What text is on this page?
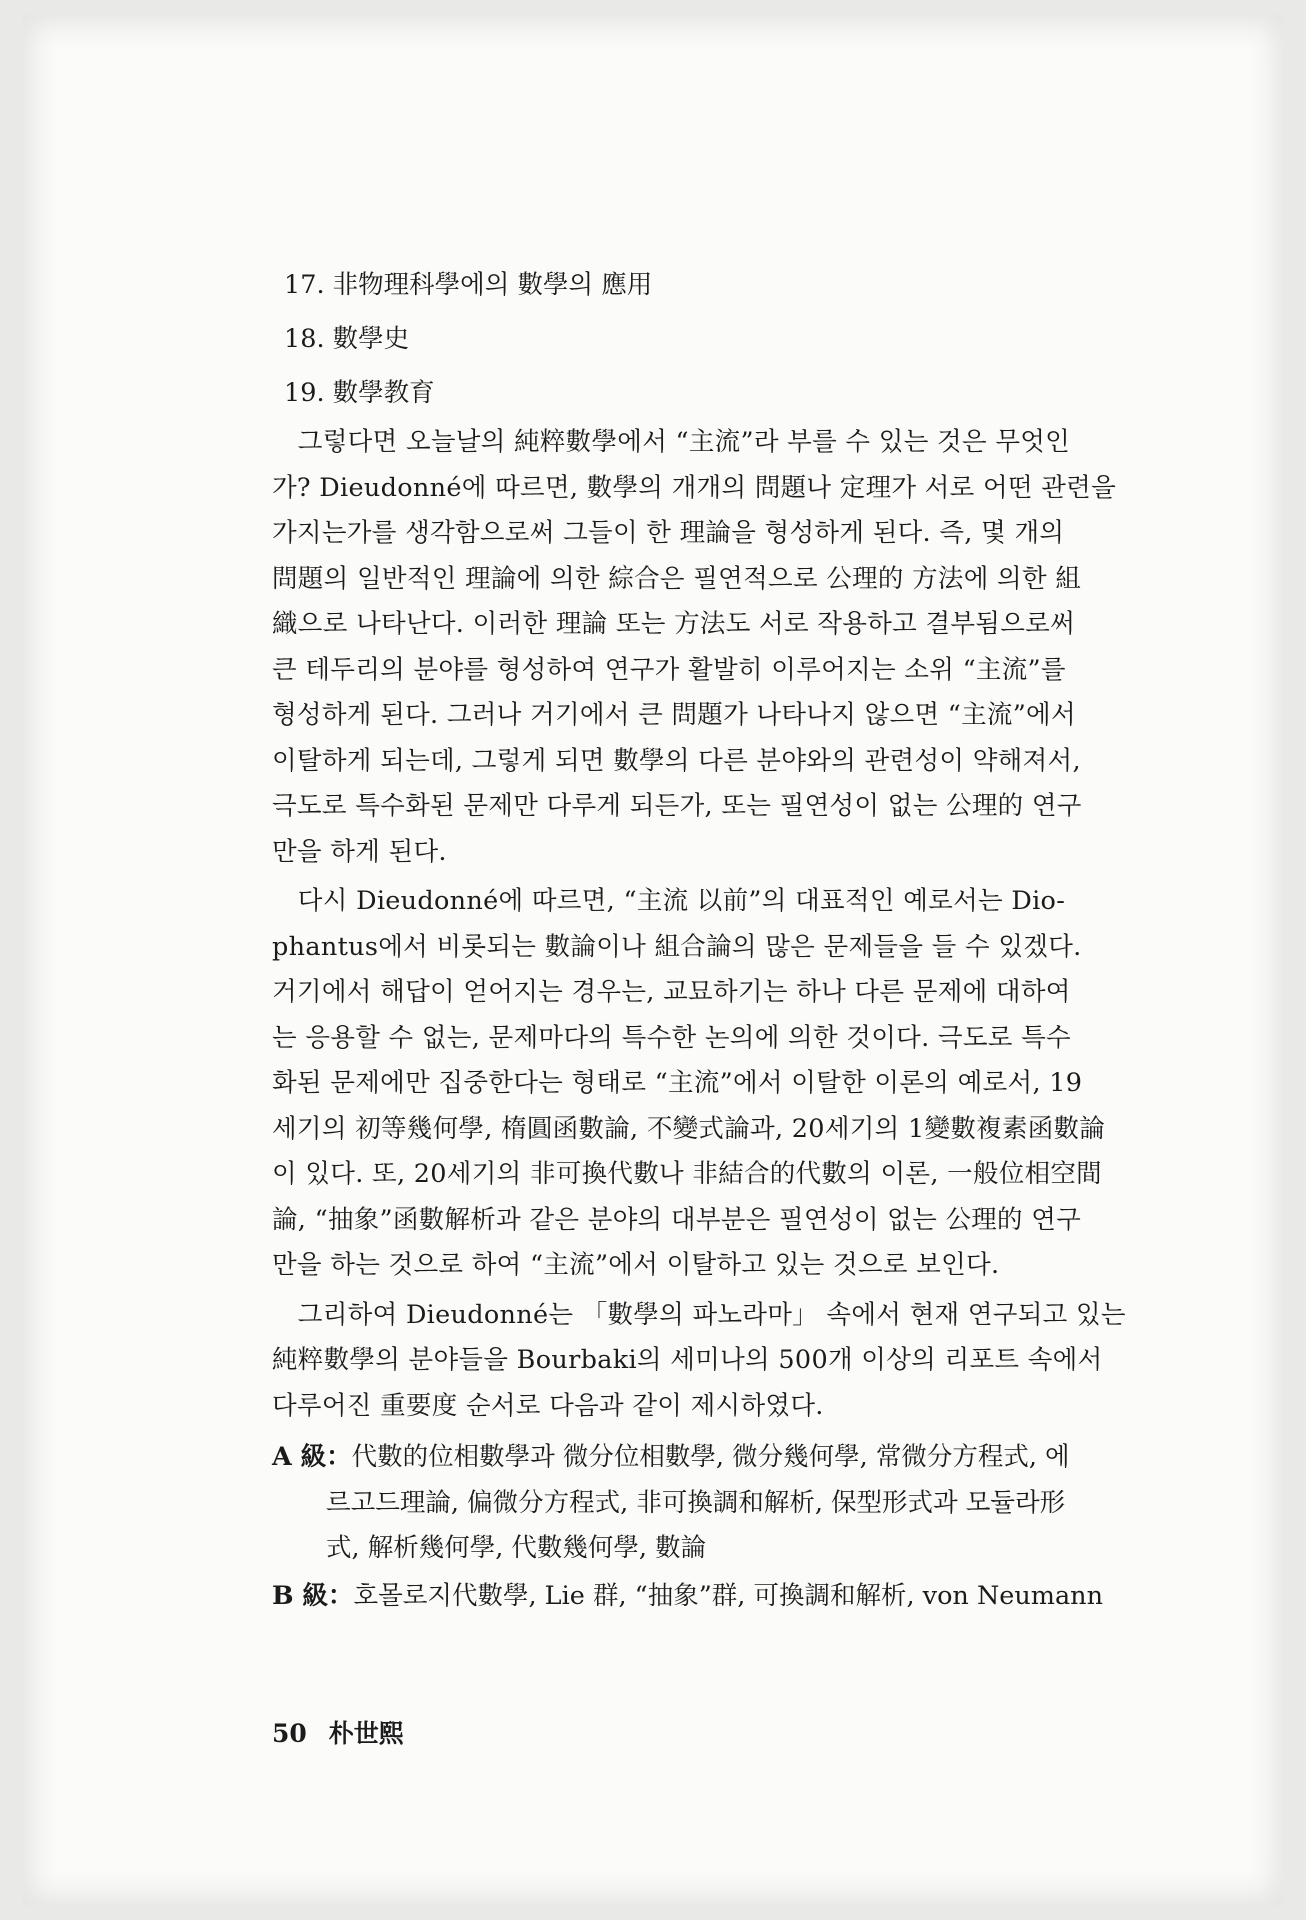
17. 非物理科學에의 數學의 應用
18. 數學史
19. 數學教育

　그렇다면 오늘날의 純粹數學에서 “主流”라 부를 수 있는 것은 무엇인
가? Dieudonné에 따르면, 數學의 개개의 問題나 定理가 서로 어떤 관련을
가지는가를 생각함으로써 그들이 한 理論을 형성하게 된다. 즉, 몇 개의
問題의 일반적인 理論에 의한 綜合은 필연적으로 公理的 方法에 의한 組
織으로 나타난다. 이러한 理論 또는 方法도 서로 작용하고 결부됨으로써
큰 테두리의 분야를 형성하여 연구가 활발히 이루어지는 소위 “主流”를
형성하게 된다. 그러나 거기에서 큰 問題가 나타나지 않으면 “主流”에서
이탈하게 되는데, 그렇게 되면 數學의 다른 분야와의 관련성이 약해져서,
극도로 특수화된 문제만 다루게 되든가, 또는 필연성이 없는 公理的 연구
만을 하게 된다.

　다시 Dieudonné에 따르면, “主流 以前”의 대표적인 예로서는 Dio-
phantus에서 비롯되는 數論이나 組合論의 많은 문제들을 들 수 있겠다.
거기에서 해답이 얻어지는 경우는, 교묘하기는 하나 다른 문제에 대하여
는 응용할 수 없는, 문제마다의 특수한 논의에 의한 것이다. 극도로 특수
화된 문제에만 집중한다는 형태로 “主流”에서 이탈한 이론의 예로서, 19
세기의 初等幾何學, 楕圓函數論, 不變式論과, 20세기의 1變數複素函數論
이 있다. 또, 20세기의 非可換代數나 非結合的代數의 이론, 一般位相空間
論, “抽象”函數解析과 같은 분야의 대부분은 필연성이 없는 公理的 연구
만을 하는 것으로 하여 “主流”에서 이탈하고 있는 것으로 보인다.

　그리하여 Dieudonné는 「數學의 파노라마」 속에서 현재 연구되고 있는
純粹數學의 분야들을 Bourbaki의 세미나의 500개 이상의 리포트 속에서
다루어진 重要度 순서로 다음과 같이 제시하였다.

A 級：代數的位相數學과 微分位相數學, 微分幾何學, 常微分方程式, 에
르고드理論, 偏微分方程式, 非可換調和解析, 保型形式과 모듈라形
式, 解析幾何學, 代數幾何學, 數論
B 級：호몰로지代數學, Lie 群, “抽象”群, 可換調和解析, von Neumann
50 朴世熙
